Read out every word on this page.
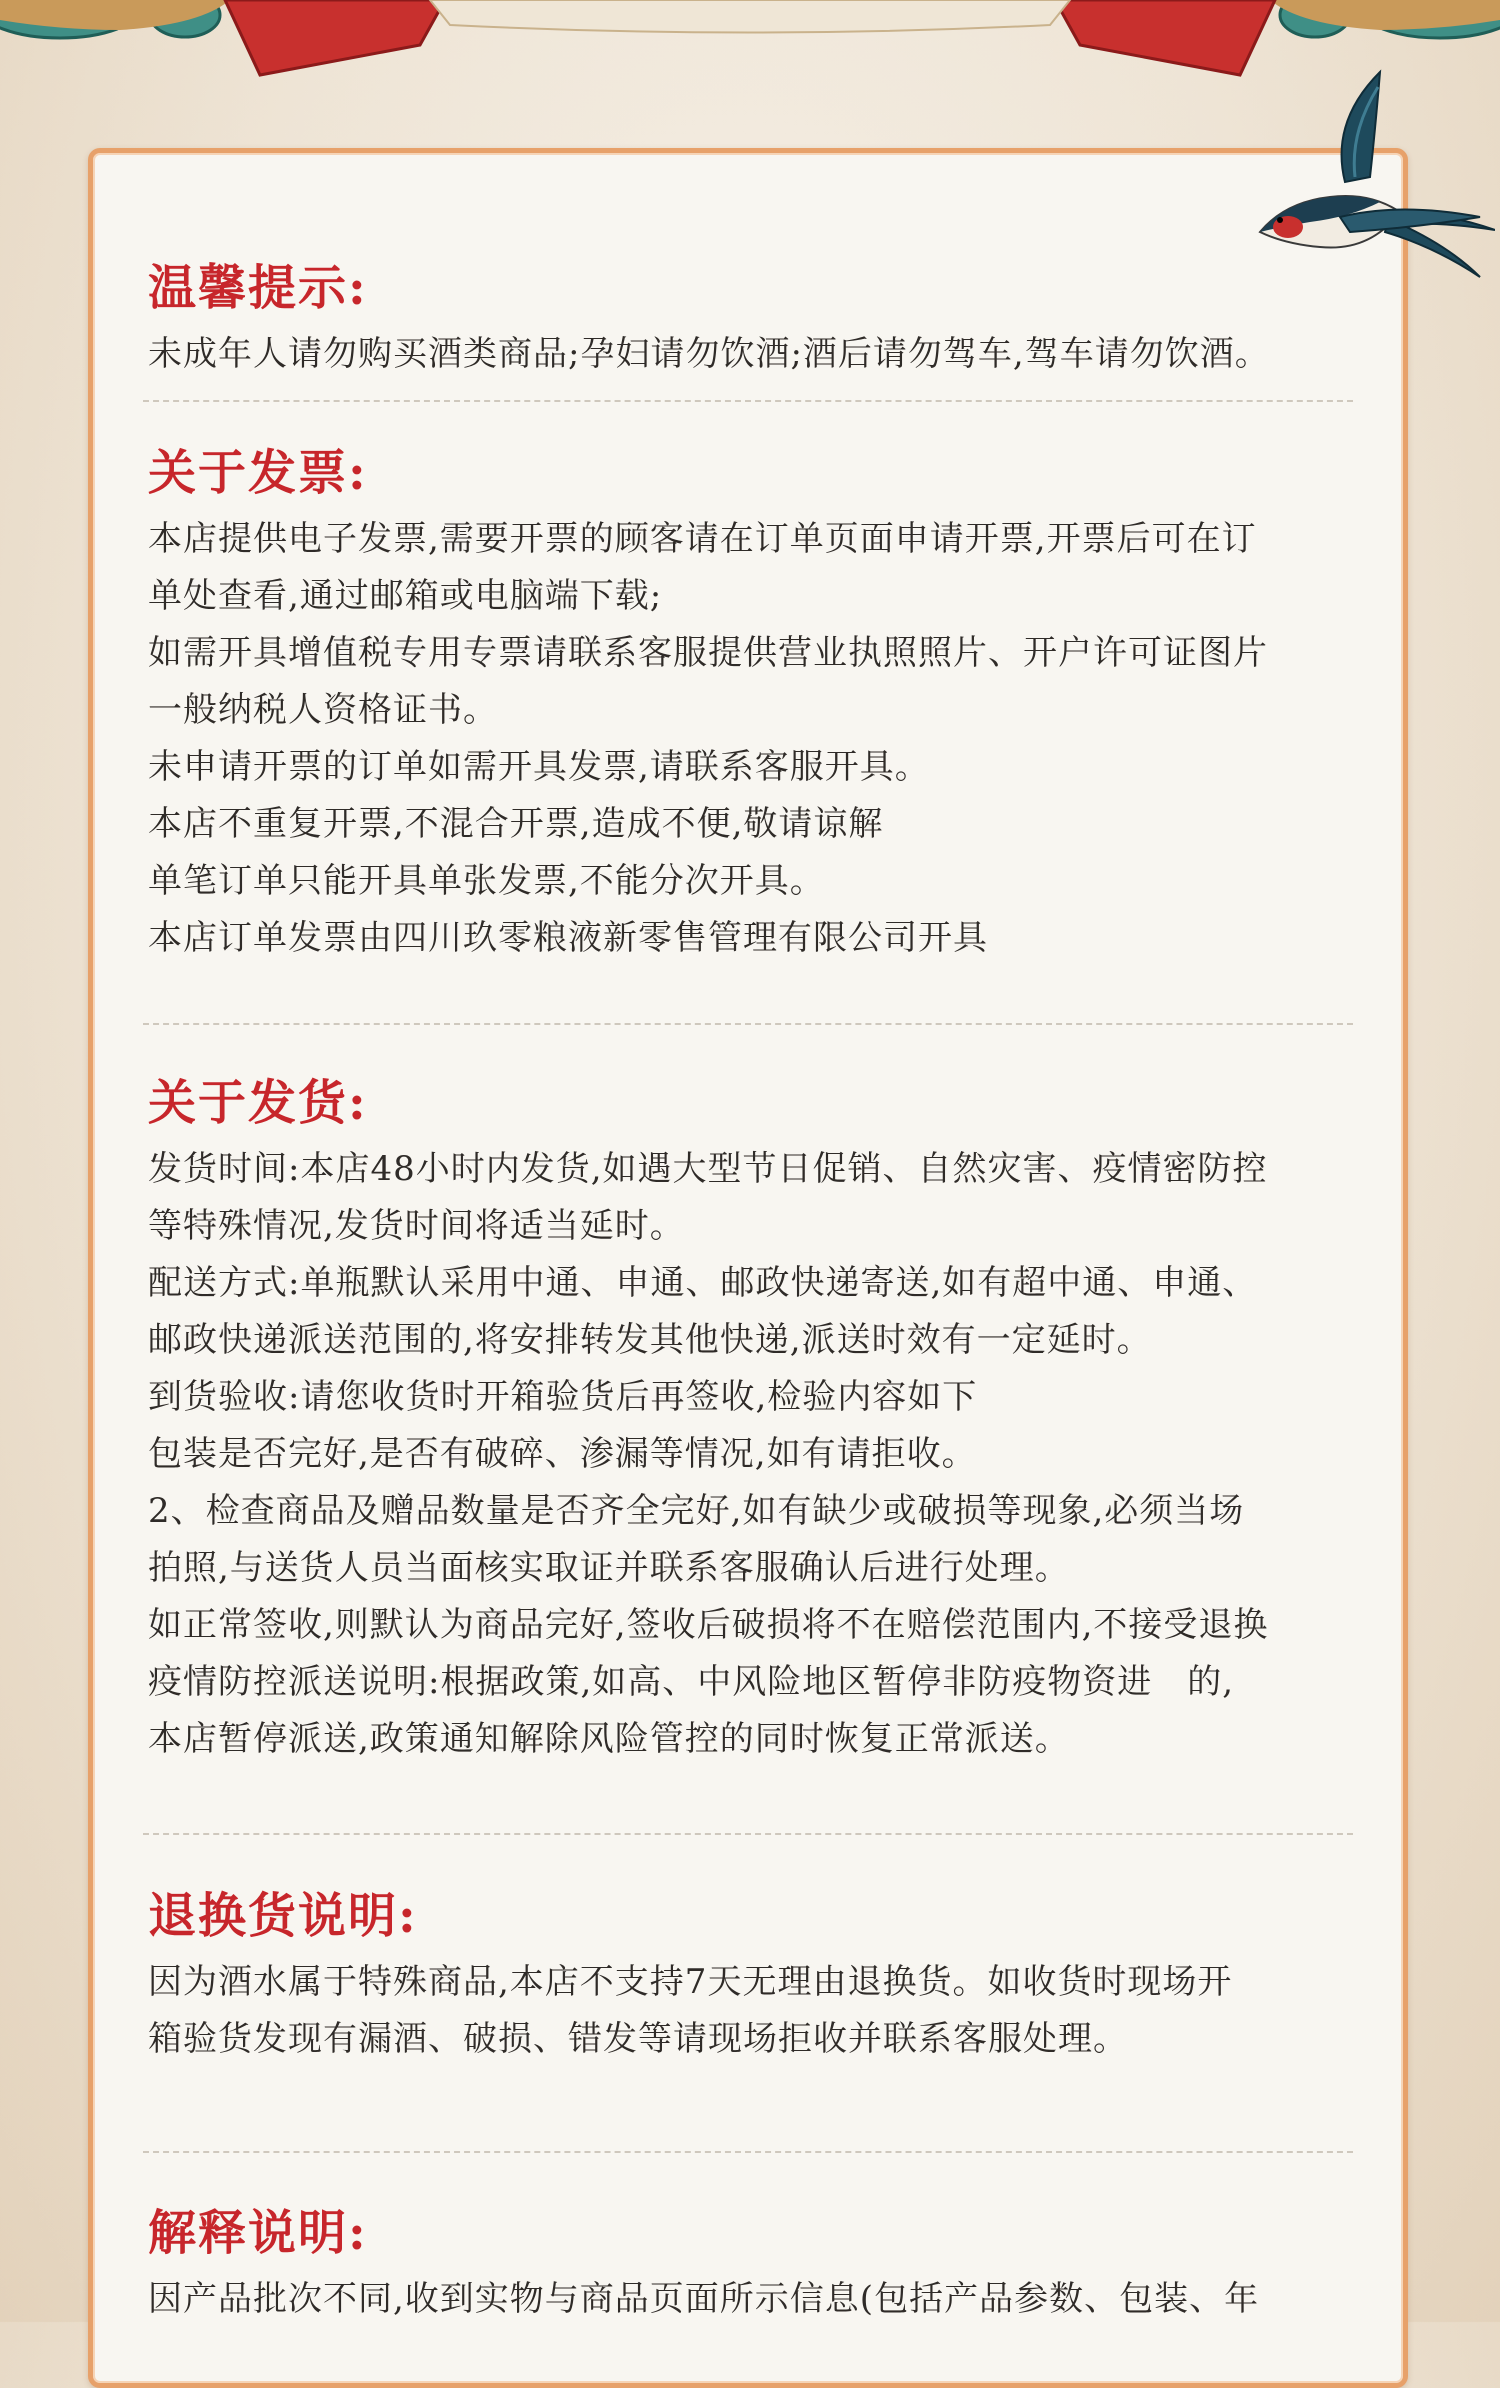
温馨提示:
未成年人请勿购买酒类商品;孕妇请勿饮酒;酒后请勿驾车,驾车请勿饮酒。
关于发票:
本店提供电子发票,需要开票的顾客请在订单页面申请开票,开票后可在订
单处查看,通过邮箱或电脑端下载;
如需开具增值税专用专票请联系客服提供营业执照照片、开户许可证图片
一般纳税人资格证书。
未申请开票的订单如需开具发票,请联系客服开具。
本店不重复开票,不混合开票,造成不便,敬请谅解
单笔订单只能开具单张发票,不能分次开具。
本店订单发票由四川玖零粮液新零售管理有限公司开具
关于发货:
发货时间:本店48小时内发货,如遇大型节日促销、自然灾害、疫情密防控
等特殊情况,发货时间将适当延时。
配送方式:单瓶默认采用中通、申通、邮政快递寄送,如有超中通、申通、
邮政快递派送范围的,将安排转发其他快递,派送时效有一定延时。
到货验收:请您收货时开箱验货后再签收,检验内容如下
包装是否完好,是否有破碎、渗漏等情况,如有请拒收。
2、检查商品及赠品数量是否齐全完好,如有缺少或破损等现象,必须当场
拍照,与送货人员当面核实取证并联系客服确认后进行处理。
如正常签收,则默认为商品完好,签收后破损将不在赔偿范围内,不接受退换
疫情防控派送说明:根据政策,如高、中风险地区暂停非防疫物资进　的,
本店暂停派送,政策通知解除风险管控的同时恢复正常派送。
退换货说明:
因为酒水属于特殊商品,本店不支持7天无理由退换货。如收货时现场开
箱验货发现有漏酒、破损、错发等请现场拒收并联系客服处理。
解释说明:
因产品批次不同,收到实物与商品页面所示信息(包括产品参数、包装、年
